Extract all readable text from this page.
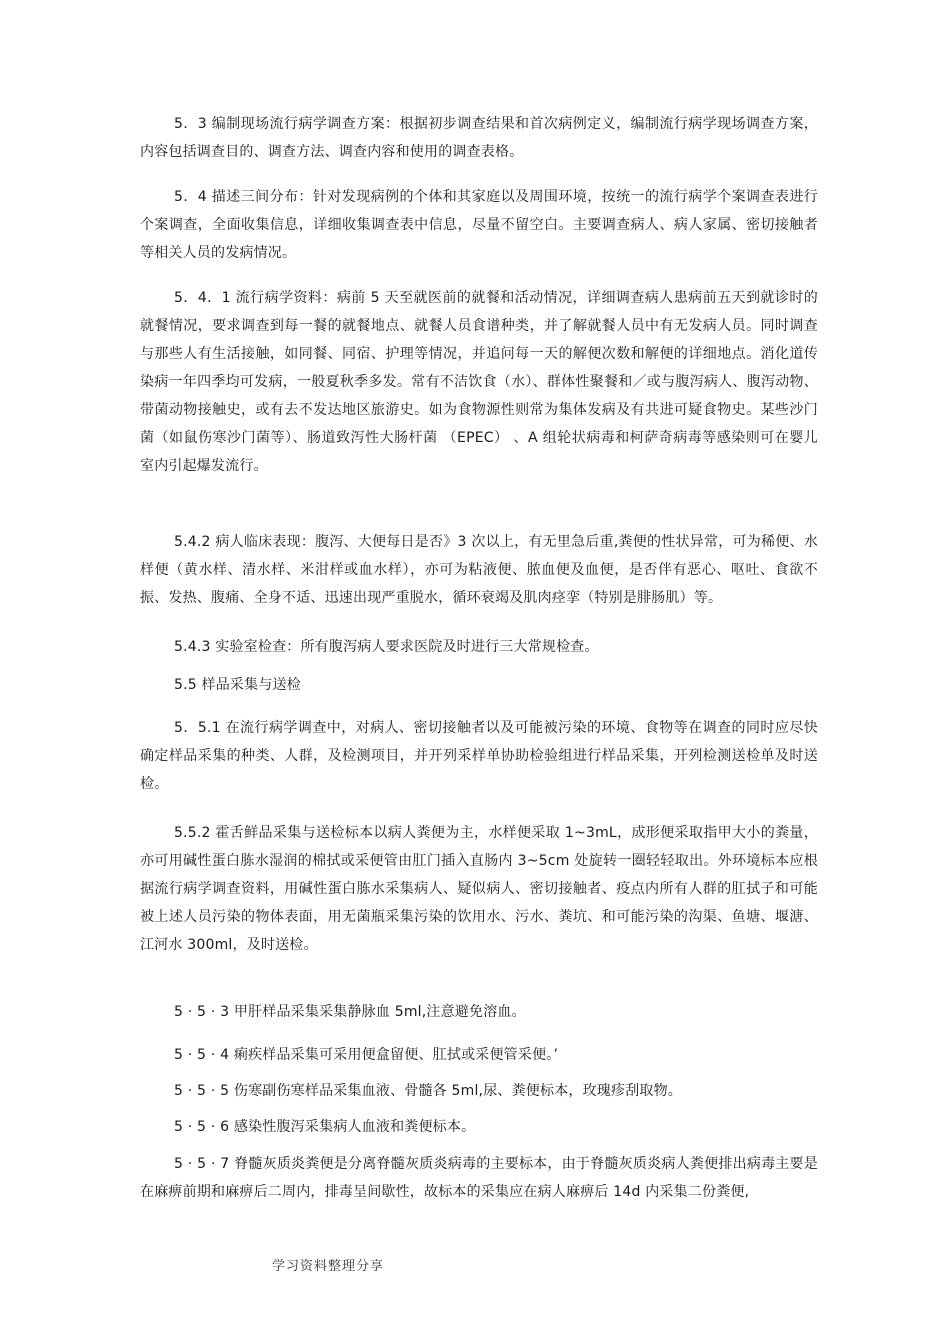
5．3 编制现场流行病学调查方案：根据初步调查结果和首次病例定义，编制流行病学现场调查方案，内容包括调查目的、调查方法、调查内容和使用的调查表格。

5．4 描述三间分布：针对发现病例的个体和其家庭以及周围环境，按统一的流行病学个案调查表进行个案调查，全面收集信息，详细收集调查表中信息，尽量不留空白。主要调查病人、病人家属、密切接触者等相关人员的发病情况。

5．4．1 流行病学资料：病前 5 天至就医前的就餐和活动情况，详细调查病人患病前五天到就诊时的就餐情况，要求调查到每一餐的就餐地点、就餐人员食谱种类，并了解就餐人员中有无发病人员。同时调查与那些人有生活接触，如同餐、同宿、护理等情况，并追问每一天的解便次数和解便的详细地点。消化道传染病一年四季均可发病，一般夏秋季多发。常有不洁饮食（水）、群体性聚餐和／或与腹泻病人、腹泻动物、带菌动物接触史，或有去不发达地区旅游史。如为食物源性则常为集体发病及有共进可疑食物史。某些沙门菌（如鼠伤寒沙门菌等）、肠道致泻性大肠杆菌 （EPEC） 、A 组轮状病毒和柯萨奇病毒等感染则可在婴儿室内引起爆发流行。

5.4.2 病人临床表现：腹泻、大便每日是否》3 次以上，有无里急后重,粪便的性状异常，可为稀便、水样便（黄水样、清水样、米泔样或血水样），亦可为粘液便、脓血便及血便，是否伴有恶心、呕吐、食欲不振、发热、腹痛、全身不适、迅速出现严重脱水，循环衰竭及肌肉痉挛（特别是腓肠肌）等。

5.4.3 实验室检查：所有腹泻病人要求医院及时进行三大常规检查。

5.5 样品采集与送检

5．5.1 在流行病学调查中，对病人、密切接触者以及可能被污染的环境、食物等在调查的同时应尽快确定样品采集的种类、人群，及检测项目，并开列采样单协助检验组进行样品采集，开列检测送检单及时送检。

5.5.2 霍舌鲜品采集与送检标本以病人粪便为主，水样便采取 1~3mL，成形便采取指甲大小的粪量，亦可用碱性蛋白胨水湿润的棉拭或采便管由肛门插入直肠内 3~5cm 处旋转一圈轻轻取出。外环境标本应根据流行病学调查资料，用碱性蛋白胨水采集病人、疑似病人、密切接触者、疫点内所有人群的肛拭子和可能被上述人员污染的物体表面，用无菌瓶采集污染的饮用水、污水、粪坑、和可能污染的沟渠、鱼塘、堰溏、江河水 300ml，及时送检。

5 · 5 · 3 甲肝样品采集采集静脉血 5ml,注意避免溶血。

5 · 5 · 4 痢疾样品采集可采用便盒留便、肛拭或采便管采便。’

5 · 5 · 5 伤寒副伤寒样品采集血液、骨髓各 5ml,尿、粪便标本，玫瑰疹刮取物。

5 · 5 · 6 感染性腹泻采集病人血液和粪便标本。

5 · 5 · 7 脊髓灰质炎粪便是分离脊髓灰质炎病毒的主要标本，由于脊髓灰质炎病人粪便排出病毒主要是在麻痹前期和麻痹后二周内，排毒呈间歇性，故标本的采集应在病人麻痹后 14d 内采集二份粪便,

学习资料整理分享
